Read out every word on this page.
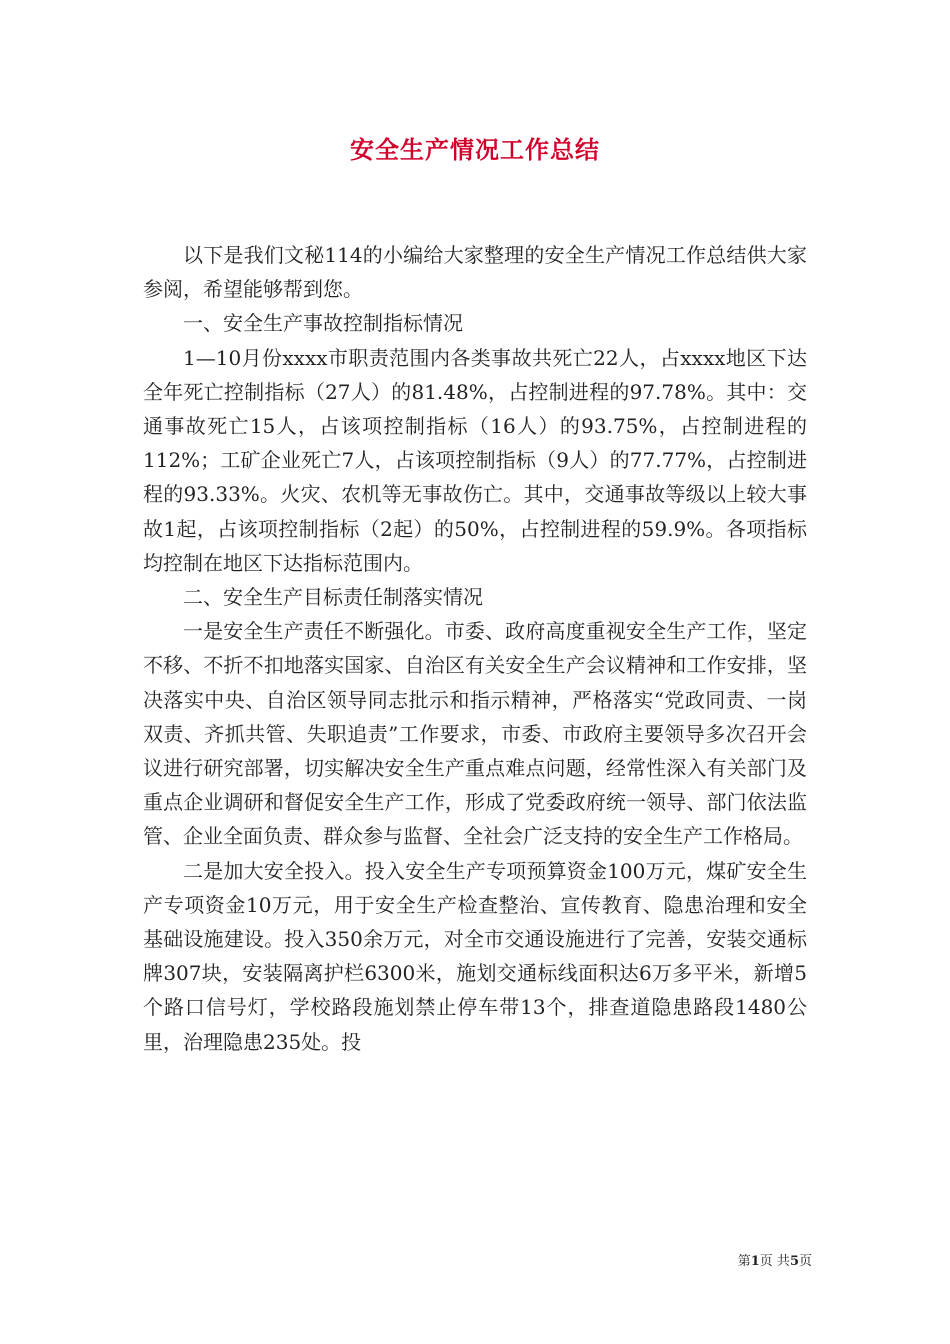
安全生产情况工作总结

以下是我们文秘114的小编给大家整理的安全生产情况工作总结供大家参阅，希望能够帮到您。

一、安全生产事故控制指标情况

1—10月份xxxx市职责范围内各类事故共死亡22人，占xxxx地区下达全年死亡控制指标（27人）的81.48%，占控制进程的97.78%。其中：交通事故死亡15人，占该项控制指标（16人）的93.75%，占控制进程的112%；工矿企业死亡7人，占该项控制指标（9人）的77.77%，占控制进程的93.33%。火灾、农机等无事故伤亡。其中，交通事故等级以上较大事故1起，占该项控制指标（2起）的50%，占控制进程的59.9%。各项指标均控制在地区下达指标范围内。

二、安全生产目标责任制落实情况

一是安全生产责任不断强化。市委、政府高度重视安全生产工作，坚定不移、不折不扣地落实国家、自治区有关安全生产会议精神和工作安排，坚决落实中央、自治区领导同志批示和指示精神，严格落实“党政同责、一岗双责、齐抓共管、失职追责”工作要求，市委、市政府主要领导多次召开会议进行研究部署，切实解决安全生产重点难点问题，经常性深入有关部门及重点企业调研和督促安全生产工作，形成了党委政府统一领导、部门依法监管、企业全面负责、群众参与监督、全社会广泛支持的安全生产工作格局。

二是加大安全投入。投入安全生产专项预算资金100万元，煤矿安全生产专项资金10万元，用于安全生产检查整治、宣传教育、隐患治理和安全基础设施建设。投入350余万元，对全市交通设施进行了完善，安装交通标牌307块，安装隔离护栏6300米，施划交通标线面积达6万多平米，新增5个路口信号灯，学校路段施划禁止停车带13个，排查道隐患路段1480公里，治理隐患235处。投

第1页 共5页
